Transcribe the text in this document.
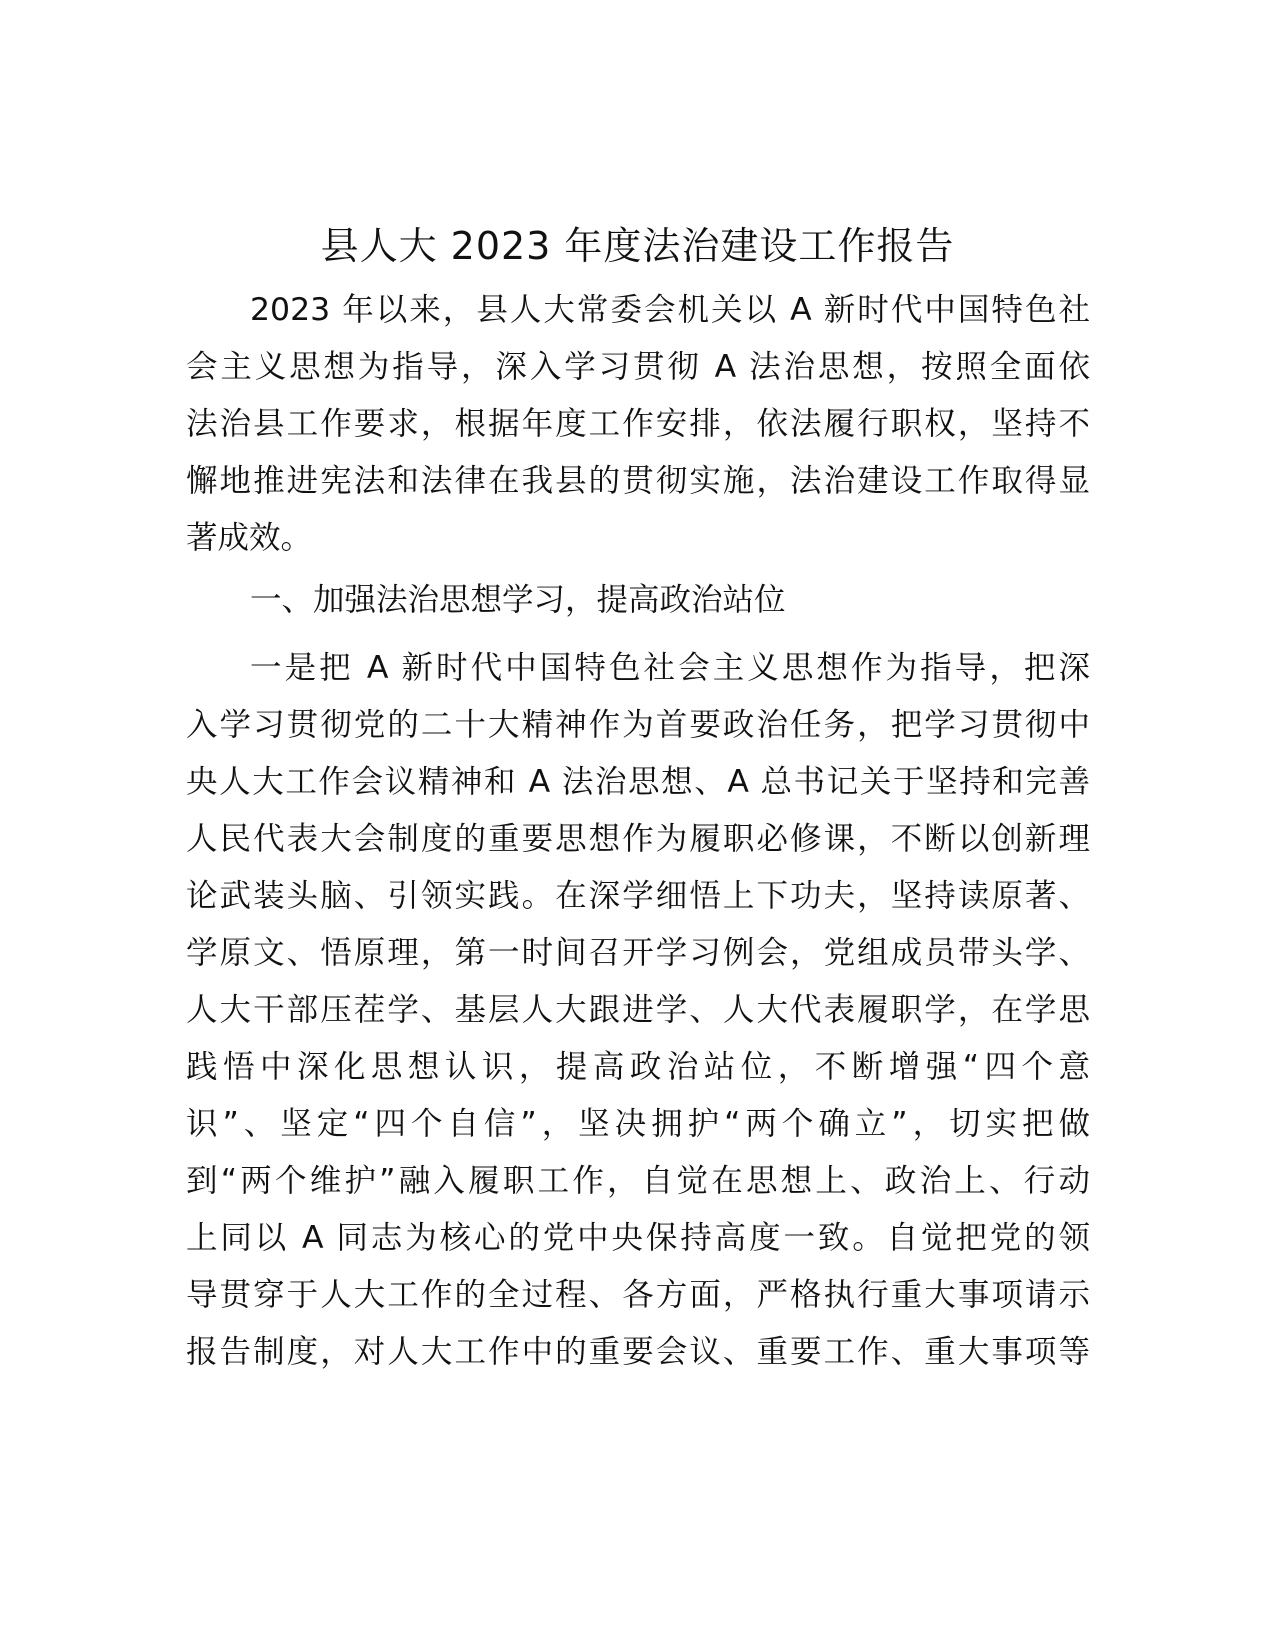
县人大 2023 年度法治建设工作报告
2023 年以来，县人大常委会机关以 A 新时代中国特色社
会主义思想为指导，深入学习贯彻 A 法治思想，按照全面依
法治县工作要求，根据年度工作安排，依法履行职权，坚持不
懈地推进宪法和法律在我县的贯彻实施，法治建设工作取得显
著成效。
一、加强法治思想学习，提高政治站位
一是把 A 新时代中国特色社会主义思想作为指导，把深
入学习贯彻党的二十大精神作为首要政治任务，把学习贯彻中
央人大工作会议精神和 A 法治思想、A 总书记关于坚持和完善
人民代表大会制度的重要思想作为履职必修课，不断以创新理
论武装头脑、引领实践。在深学细悟上下功夫，坚持读原著、
学原文、悟原理，第一时间召开学习例会，党组成员带头学、
人大干部压茬学、基层人大跟进学、人大代表履职学，在学思
践悟中深化思想认识，提高政治站位，不断增强“四个意
识”、坚定“四个自信”，坚决拥护“两个确立”，切实把做
到“两个维护”融入履职工作，自觉在思想上、政治上、行动
上同以 A 同志为核心的党中央保持高度一致。自觉把党的领
导贯穿于人大工作的全过程、各方面，严格执行重大事项请示
报告制度，对人大工作中的重要会议、重要工作、重大事项等
